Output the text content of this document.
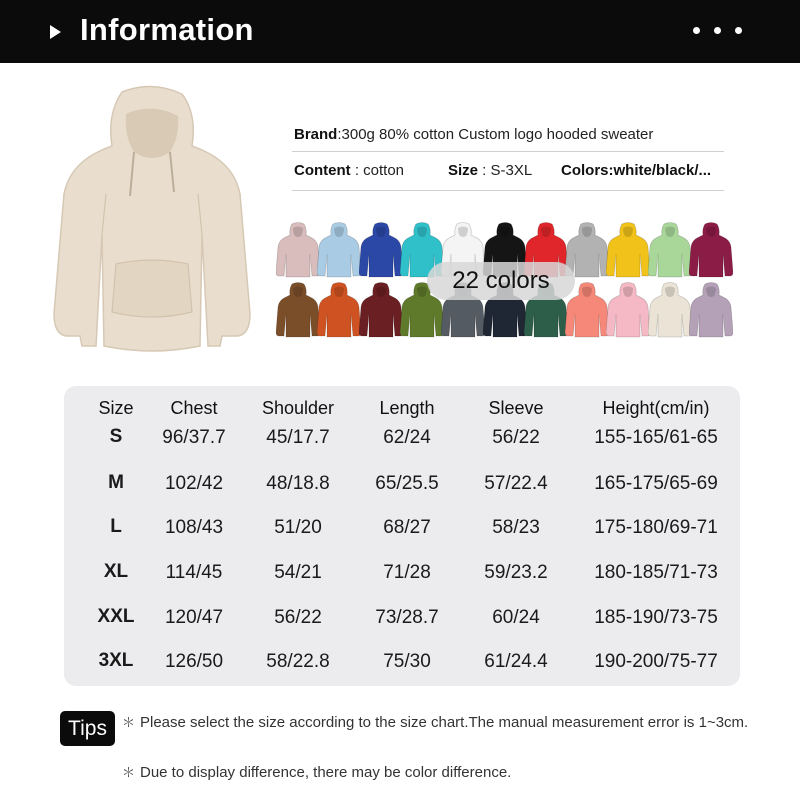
Information
Brand:300g 80% cotton Custom logo hooded sweater
Content : cotton	Size : S-3XL Colors:white/black/...
22 colors
Size Chest Shoulder	Length	Sleeve	Height(cm/in)
S 96/37.7 45/17.7	62/24	56/22	155-165/61-65
M 102/42 48/18.8 65/25.5 57/22.4 165-175/65-69
L 108/43	51/20	68/27	58/23	175-180/69-71
XL 114/45	54/21	71/28	59/23.2 180-185/71-73
XXL 120/47	56/22	73/28.7	60/24	185-190/73-75
3XL 126/50 58/22.8	75/30	61/24.4 190-200/75-77
Tips	＊ Please select the size according to the size chart.The manual measurement error is 1~3cm.
＊ Due to display difference, there may be color difference.
